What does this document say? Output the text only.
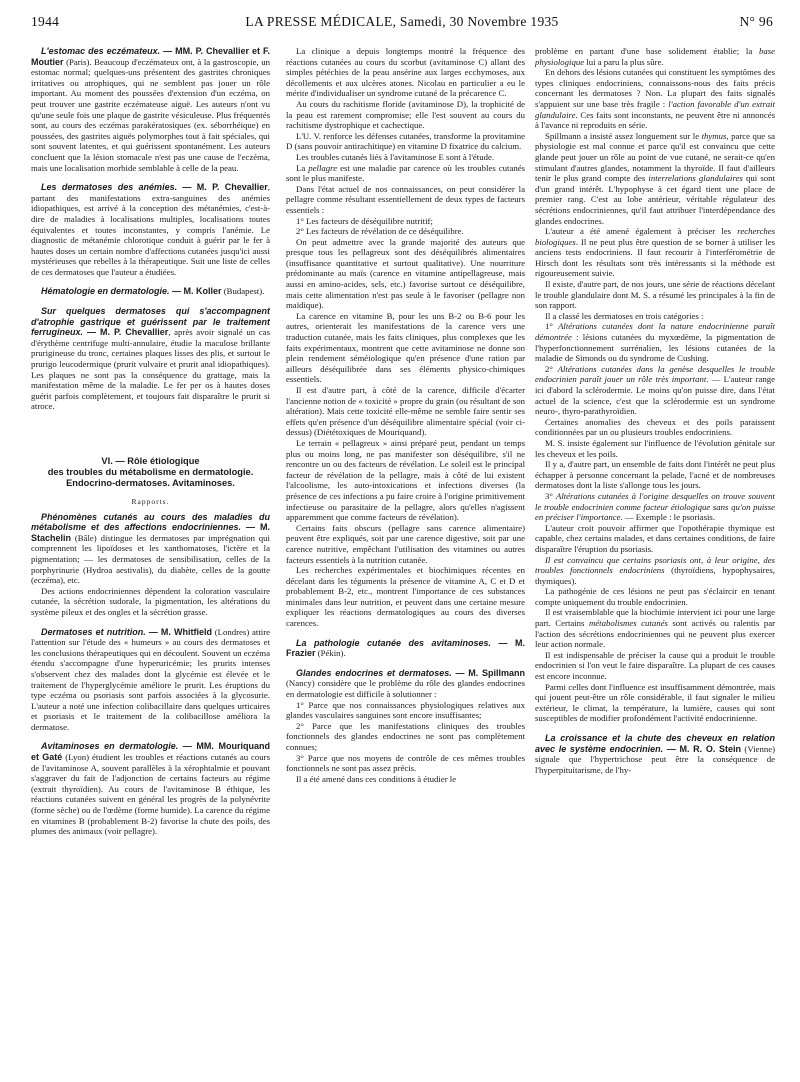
1944	LA PRESSE MÉDICALE, Samedi, 30 Novembre 1935	N° 96

L'estomac des eczémateux. — MM. P. Chevallier et F. Moutier (Paris). Beaucoup d'eczémateux ont, à la gastroscopie, un estomac normal; quelques-uns présentent des gastrites chroniques irritatives ou atrophiques, qui ne semblent pas jouer un rôle important. Au moment des poussées d'extension d'un eczéma, on peut trouver une gastrite eczémateuse aiguë. Les auteurs n'ont vu qu'une seule fois une plaque de gastrite vésiculeuse. Plus fréquentés sont, au cours des eczémas parakératosiques (ex. séborrhéique) en poussées, des gastrites aiguës polymorphes tout à fait spéciales, qui sont souvent latentes, et qui guérissent spontanément. Les auteurs concluent que la lésion stomacale n'est pas une cause de l'eczéma, mais une localisation morbide semblable à celle de la peau.

Les dermatoses des anémies. — M. P. Chevallier, partant des manifestations extra-sanguines des anémies idiopathiques, est arrivé à la conception des métanémies, c'est-à-dire de maladies à localisations multiples, localisations toutes équivalentes et toutes inconstantes, y compris l'anémie. Le diagnostic de métanémie chlorotique conduit à guérir par le fer à hautes doses un certain nombre d'affections cutanées jusqu'ici aussi mystérieuses que rebelles à la thérapeutique. Suit une liste de celles de ces dermatoses que l'auteur a étudiées.

Hématologie en dermatologie. — M. Koller (Budapest).

Sur quelques dermatoses qui s'accompagnent d'atrophie gastrique et guérissent par le traitement ferrugineux. — M. P. Chevallier, après avoir signalé un cas d'érythème centrifuge multi-annulaire, étudie la maculose brillante prurigineuse du tronc, certaines plaques lisses des plis, et surtout le prurigo leucodermique (prurit vulvaire et prurit anal idiopathiques). Les plaques ne sont pas la conséquence du grattage, mais la manifestation même de la maladie. Le fer per os à hautes doses guérit parfois complètement, et toujours fait disparaître le prurit si atroce.

VI. — Rôle étiologique
des troubles du métabolisme en dermatologie.
Endocrino-dermatoses. Avitaminoses.
Rapports.

Phénomènes cutanés au cours des maladies du métabolisme et des affections endocriniennes. — M. Stachelin (Bâle) distingue les dermatoses par imprégnation qui comprennent les lipoïdoses et les xanthomatoses, l'ictère et la pigmentation; — les dermatoses de sensibilisation, celles de la porphyrinurie (Hydroa aestivalis), du diabète, celles de la goutte (eczéma), etc.

Des actions endocriniennes dépendent la coloration vasculaire cutanée, la sécrétion sudorale, la pigmentation, les altérations du système pileux et des ongles et la sécrétion grasse.

Dermatoses et nutrition. — M. Whitfield (Londres) attire l'attention sur l'étude des « humeurs » au cours des dermatoses et les conclusions thérapeutiques qui en découlent. Souvent un eczéma étendu s'accompagne d'une hyperuricémie; les prurits intenses s'observent chez des malades dont la glycémie est élevée et le traitement de l'hyperglycémie améliore le prurit. Les éruptions du type eczéma ou psoriasis sont parfois associées à la glycosurie. L'auteur a noté une infection colibacillaire dans quelques urticaires et psoriasis et le traitement de la colibacillose améliora la dermatose.

Avitaminoses en dermatologie. — MM. Mouriquand et Gaté (Lyon) étudient les troubles et réactions cutanés au cours de l'avitaminose A, souvent parallèles à la xérophtalmie et pouvant s'aggraver du fait de l'adjonction de certains facteurs au régime (extrait thyroïdien). Au cours de l'avitaminose B éthique, les réactions cutanées suivent en général les progrès de la polynévrite (forme sèche) ou de l'œdème (forme humide). La carence du régime en vitamines B (probablement B-2) favorise la chute des poils, des plumes des animaux (voir pellagre).

La clinique a depuis longtemps montré la fréquence des réactions cutanées au cours du scorbut (avitaminose C) allant des simples pétéchies de la peau ansérine aux larges ecchymoses, aux décollements et aux ulcères atones. Nicolau en particulier a eu le mérite d'individualiser un syndrome cutané de la précarence C.

Au cours du rachitisme floride (avitaminose D), la trophicité de la peau est rarement compromise; elle l'est souvent au cours du rachitisme dystrophique et cachectique.

L'U. V. renforce les défenses cutanées, transforme la provitamine D (sans pouvoir antirachitique) en vitamine D fixatrice du calcium.

Les troubles cutanés liés à l'avitaminose E sont à l'étude.

La pellagre est une maladie par carence où les troubles cutanés sont le plus manifeste.

Dans l'état actuel de nos connaissances, on peut considérer la pellagre comme résultant essentiellement de deux types de facteurs essentiels :

1° Les facteurs de déséquilibre nutritif;

2° Les facteurs de révélation de ce déséquilibre.

On peut admettre avec la grande majorité des auteurs que presque tous les pellagreux sont des déséquilibrés alimentaires (insuffisance quantitative et surtout qualitative). Une nourriture prédominante au maïs (carence en vitamine antipellagreuse, mais aussi en amino-acides, sels, etc.) favorise surtout ce déséquilibre, mais cette alimentation n'est pas seule à le favoriser (pellagre non maïdique).

La carence en vitamine B, pour les uns B-2 ou B-6 pour les autres, orienterait les manifestations de la carence vers une traduction cutanée, mais les faits cliniques, plus complexes que les faits expérimentaux, montrent que cette avitaminose ne donne son plein rendement séméiologique qu'en présence d'une ration par ailleurs déséquilibrée dans ses éléments physico-chimiques essentiels.

Il est d'autre part, à côté de la carence, difficile d'écarter l'ancienne notion de « toxicité » propre du grain (ou résultant de son altération). Mais cette toxicité elle-même ne semble faire sentir ses effets qu'en présence d'un déséquilibre alimentaire spécial (voir ci-dessus) (Diététoxiques de Mouriquand).

Le terrain « pellagreux » ainsi préparé peut, pendant un temps plus ou moins long, ne pas manifester son déséquilibre, s'il ne rencontre un ou des facteurs de révélation. Le soleil est le principal facteur de révélation de la pellagre, mais à côté de lui existent l'alcoolisme, les auto-intoxications et infections diverses (la présence de ces infections a pu faire croire à l'origine primitivement infectieuse ou parasitaire de la pellagre, alors qu'elles n'agissent apparemment que comme facteurs de révélation).

Certains faits obscurs (pellagre sans carence alimentaire) peuvent être expliqués, soit par une carence digestive, soit par une carence nutritive, empêchant l'utilisation des vitamines ou autres facteurs essentiels à la nutrition cutanée.

Les recherches expérimentales et biochimiques récentes en décelant dans les téguments la présence de vitamine A, C et D et probablement B-2, etc., montrent l'importance de ces substances minimales dans leur nutrition, et peuvent dans une certaine mesure expliquer les réactions dermatologiques au cours des diverses carences.

La pathologie cutanée des avitaminoses. — M. Frazier (Pékin).

Glandes endocrines et dermatoses. — M. Spillmann (Nancy) considère que le problème du rôle des glandes endocrines en dermatologie est difficile à solutionner :

1° Parce que nos connaissances physiologiques relatives aux glandes vasculaires sanguines sont encore insuffisantes;

2° Parce que les manifestations cliniques des troubles fonctionnels des glandes endocrines ne sont pas complètement connues;

3° Parce que nos moyens de contrôle de ces mêmes troubles fonctionnels ne sont pas assez précis.

Il a été amené dans ces conditions à étudier le

problème en partant d'une base solidement établie; la base physiologique lui a paru la plus sûre.

En dehors des lésions cutanées qui constituent les symptômes des types cliniques endocriniens, connaissons-nous des faits précis concernant les dermatoses ? Non. La plupart des faits signalés s'appuient sur une base très fragile : l'action favorable d'un extrait glandulaire. Ces faits sont inconstants, ne peuvent être ni annoncés à l'avance ni reproduits en série.

Spillmann a insisté assez longuement sur le thymus, parce que sa physiologie est mal connue et parce qu'il est convaincu que cette glande peut jouer un rôle au point de vue cutané, ne serait-ce qu'en stimulant d'autres glandes, notamment la thyroïde. Il faut d'ailleurs tenir le plus grand compte des interrelations glandulaires qui sont d'un grand intérêt. L'hypophyse à cet égard tient une place de premier rang. C'est au lobe antérieur, véritable régulateur des sécrétions endocriniennes, qu'il faut attribuer l'interdépendance des glandes endocrines.

L'auteur a été amené également à préciser les recherches biologiques. Il ne peut plus être question de se borner à utiliser les anciens tests endocriniens. Il faut recourir à l'interférométrie de Hirsch dont les résultats sont très intéressants si la méthode est rigoureusement suivie.

Il existe, d'autre part, de nos jours, une série de réactions décelant le trouble glandulaire dont M. S. a résumé les principales à la fin de son rapport.

Il a classé les dermatoses en trois catégories :

1° Altérations cutanées dont la nature endocrinienne paraît démontrée : lésions cutanées du myxœdème, la pigmentation de l'hyperfonctionnement surrénalien, les lésions cutanées de la maladie de Simonds ou du syndrome de Cushing.

2° Altérations cutanées dans la genèse desquelles le trouble endocrinien paraît jouer un rôle très important. — L'auteur range ici d'abord la sclérodermie. Le moins qu'on puisse dire, dans l'état actuel de la science, c'est que la sclérodermie est un syndrome neuro-, thyro-parathyroïdien.

Certaines anomalies des cheveux et des poils paraissent conditionnées par un ou plusieurs troubles endocriniens.

M. S. insiste également sur l'influence de l'évolution génitale sur les cheveux et les poils.

Il y a, d'autre part, un ensemble de faits dont l'intérêt ne peut plus échapper à personne concernant la pelade, l'acné et de nombreuses dermatoses dont la liste s'allonge tous les jours.

3° Altérations cutanées à l'origine desquelles on trouve souvent le trouble endocrinien comme facteur étiologique sans qu'on puisse en préciser l'importance. — Exemple : le psoriasis.

L'auteur croit pouvoir affirmer que l'opothérapie thymique est capable, chez certains malades, et dans certaines conditions, de faire disparaître l'éruption du psoriasis.

Il est convaincu que certains psoriasis ont, à leur origine, des troubles fonctionnels endocriniens (thyroïdiens, hypophysaires, thymiques).

La pathogénie de ces lésions ne peut pas s'éclaircir en tenant compte uniquement du trouble endocrinien.

Il est vraisemblable que la biochimie intervient ici pour une large part. Certains métabolismes cutanés sont activés ou ralentis par l'action des sécrétions endocriniennes qui ne peuvent plus exercer leur action normale.

Il est indispensable de préciser la cause qui a produit le trouble endocrinien si l'on veut le faire disparaître. La plupart de ces causes est encore inconnue.

Parmi celles dont l'influence est insuffisamment démontrée, mais qui jouent peut-être un rôle considérable, il faut signaler le milieu extérieur, le climat, la température, la lumière, causes qui sont susceptibles de modifier profondément l'activité endocrinienne.

La croissance et la chute des cheveux en relation avec le système endocrinien. — M. R. O. Stein (Vienne) signale que l'hypertrichose peut être la conséquence de l'hyperpituitarisme, de l'hy-
